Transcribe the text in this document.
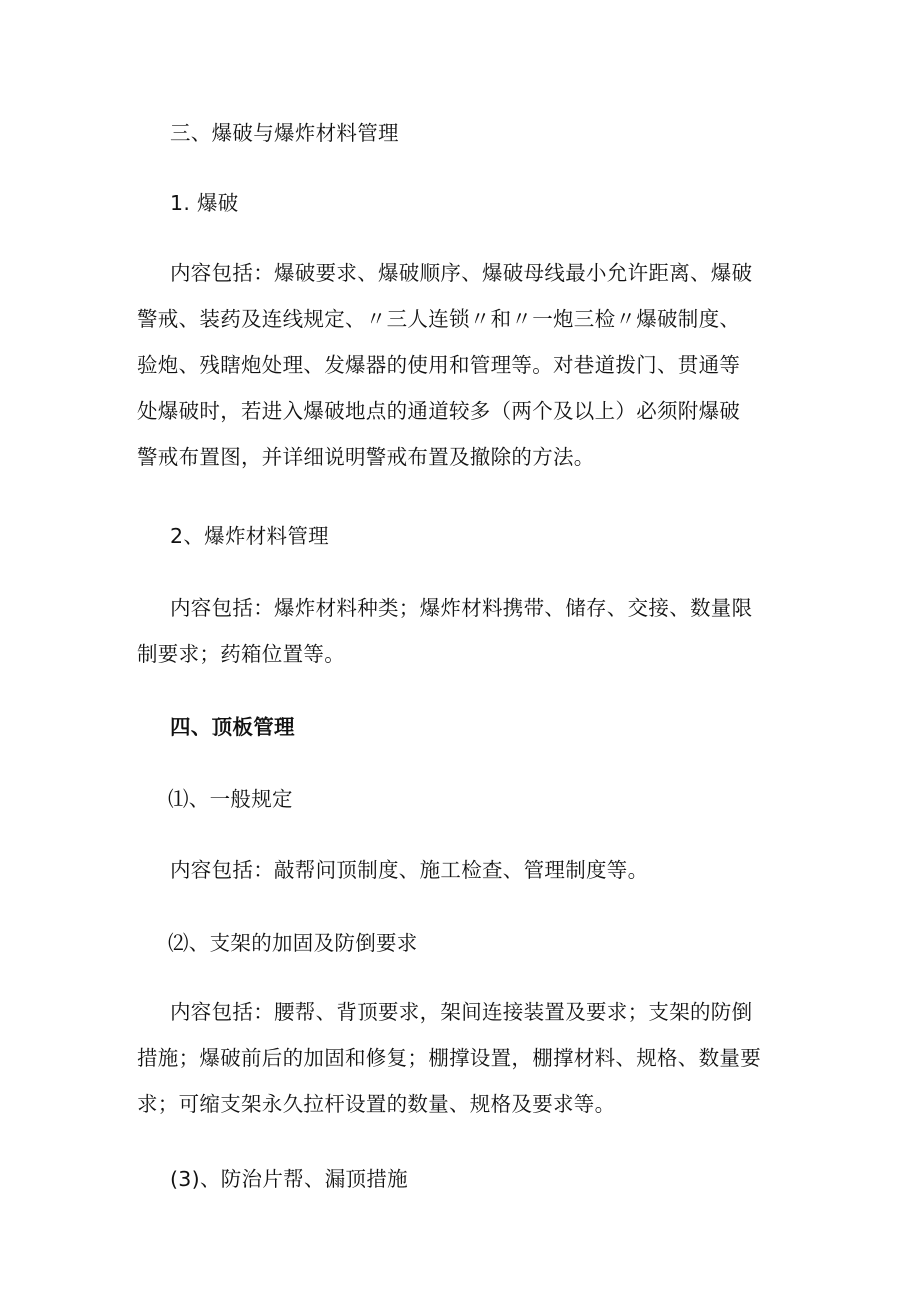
三、爆破与爆炸材料管理
1. 爆破
内容包括：爆破要求、爆破顺序、爆破母线最小允许距离、爆破
警戒、装药及连线规定、〃三人连锁〃和〃一炮三检〃爆破制度、
验炮、残瞎炮处理、发爆器的使用和管理等。对巷道拨门、贯通等
处爆破时，若进入爆破地点的通道较多（两个及以上）必须附爆破
警戒布置图，并详细说明警戒布置及撤除的方法。
2、爆炸材料管理
内容包括：爆炸材料种类；爆炸材料携带、储存、交接、数量限
制要求；药箱位置等。
四、顶板管理
⑴、一般规定
内容包括：敲帮问顶制度、施工检查、管理制度等。
⑵、支架的加固及防倒要求
内容包括：腰帮、背顶要求，架间连接装置及要求；支架的防倒
措施；爆破前后的加固和修复；棚撑设置，棚撑材料、规格、数量要
求；可缩支架永久拉杆设置的数量、规格及要求等。
(3)、防治片帮、漏顶措施
